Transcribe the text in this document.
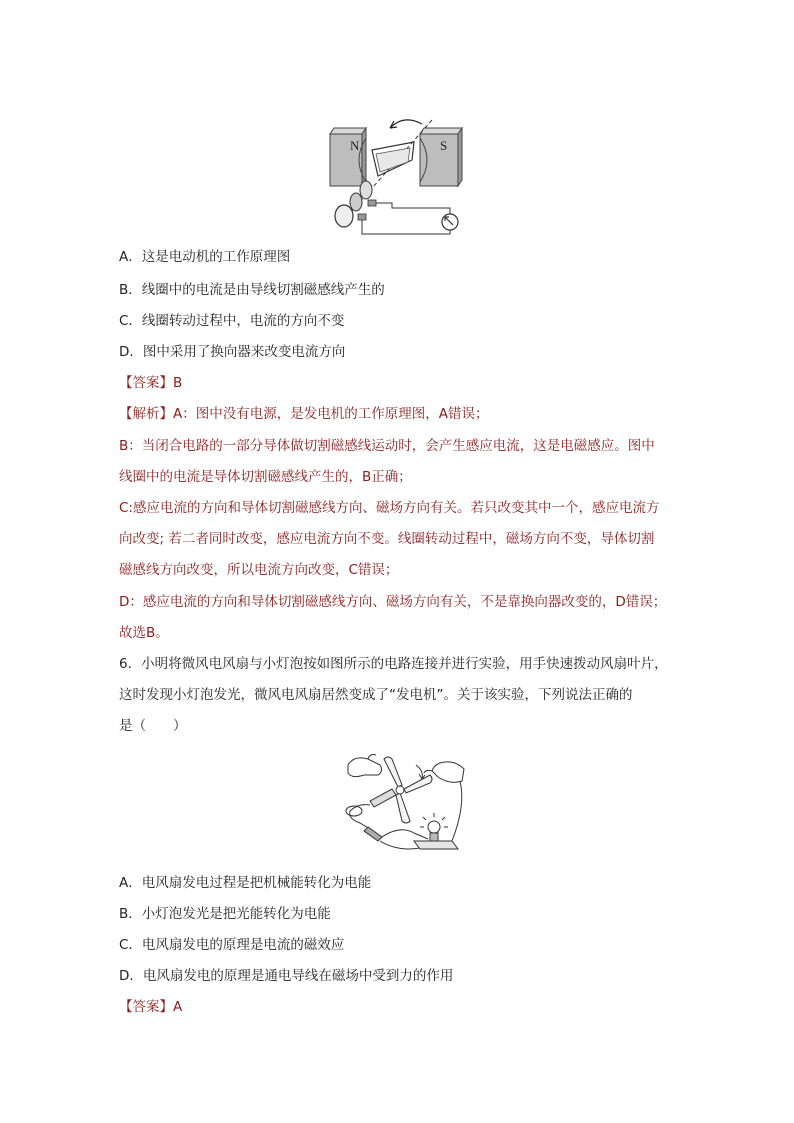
N	S
A．这是电动机的工作原理图
B．线圈中的电流是由导线切割磁感线产生的
C．线圈转动过程中，电流的方向不变
D．图中采用了换向器来改变电流方向
【答案】B
【解析】A：图中没有电源，是发电机的工作原理图，A错误；
B：当闭合电路的一部分导体做切割磁感线运动时，会产生感应电流，这是电磁感应。图中
线圈中的电流是导体切割磁感线产生的，B正确；
C:感应电流的方向和导体切割磁感线方向、磁场方向有关。若只改变其中一个，感应电流方
向改变; 若二者同时改变，感应电流方向不变。线圈转动过程中，磁场方向不变，导体切割
磁感线方向改变，所以电流方向改变，C错误；
D：感应电流的方向和导体切割磁感线方向、磁场方向有关，不是靠换向器改变的，D错误；
故选B。
6．小明将微风电风扇与小灯泡按如图所示的电路连接并进行实验，用手快速拨动风扇叶片，
这时发现小灯泡发光，微风电风扇居然变成了“发电机”。关于该实验，下列说法正确的
是（　　）
A．电风扇发电过程是把机械能转化为电能
B．小灯泡发光是把光能转化为电能
C．电风扇发电的原理是电流的磁效应
D．电风扇发电的原理是通电导线在磁场中受到力的作用
【答案】A
